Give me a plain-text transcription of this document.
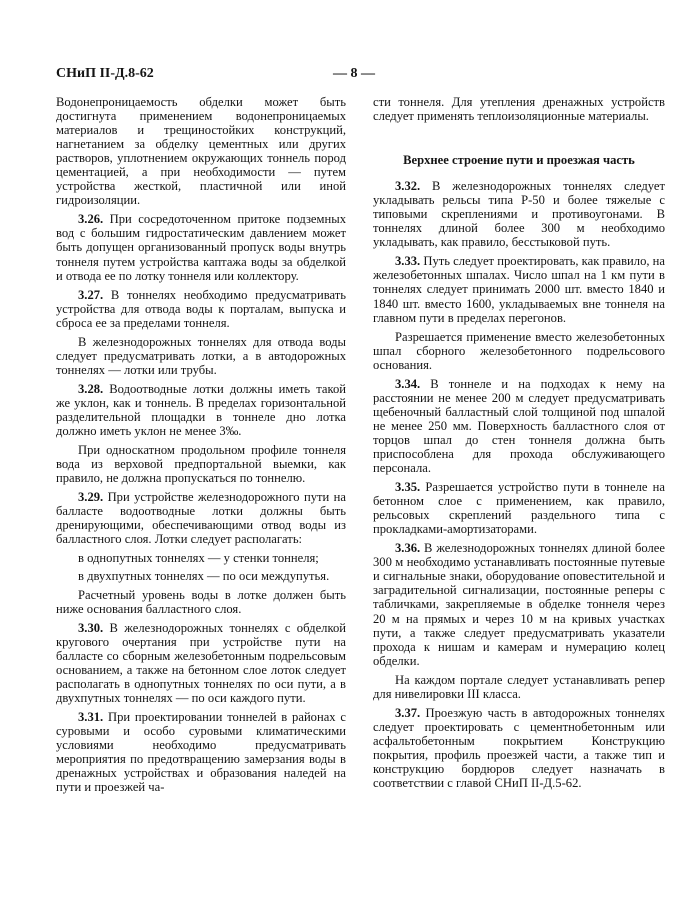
СНиП II-Д.8-62	— 8 —

Водонепроницаемость обделки может быть достигнута применением водонепроницаемых материалов и трещиностойких конструкций, нагнетанием за обделку цементных или других растворов, уплотнением окружающих тоннель пород цементацией, а при необходимости — путем устройства жесткой, пластичной или иной гидроизоляции.

3.26. При сосредоточенном притоке подземных вод с большим гидростатическим давлением может быть допущен организованный пропуск воды внутрь тоннеля путем устройства каптажа воды за обделкой и отвода ее по лотку тоннеля или коллектору.

3.27. В тоннелях необходимо предусматривать устройства для отвода воды к порталам, выпуска и сброса ее за пределами тоннеля.

В железнодорожных тоннелях для отвода воды следует предусматривать лотки, а в автодорожных тоннелях — лотки или трубы.

3.28. Водоотводные лотки должны иметь такой же уклон, как и тоннель. В пределах горизонтальной разделительной площадки в тоннеле дно лотка должно иметь уклон не менее 3‰.

При односкатном продольном профиле тоннеля вода из верховой предпортальной выемки, как правило, не должна пропускаться по тоннелю.

3.29. При устройстве железнодорожного пути на балласте водоотводные лотки должны быть дренирующими, обеспечивающими отвод воды из балластного слоя. Лотки следует располагать:

в однопутных тоннелях — у стенки тоннеля;

в двухпутных тоннелях — по оси междупутья.

Расчетный уровень воды в лотке должен быть ниже основания балластного слоя.

3.30. В железнодорожных тоннелях с обделкой кругового очертания при устройстве пути на балласте со сборным железобетонным подрельсовым основанием, а также на бетонном слое лоток следует располагать в однопутных тоннелях по оси пути, а в двухпутных тоннелях — по оси каждого пути.

3.31. При проектировании тоннелей в районах с суровыми и особо суровыми климатическими условиями необходимо предусматривать мероприятия по предотвращению замерзания воды в дренажных устройствах и образования наледей на пути и проезжей ча-

сти тоннеля. Для утепления дренажных устройств следует применять теплоизоляционные материалы.

Верхнее строение пути и проезжая часть

3.32. В железнодорожных тоннелях следует укладывать рельсы типа Р-50 и более тяжелые с типовыми скреплениями и противоугонами. В тоннелях длиной более 300 м необходимо укладывать, как правило, бесстыковой путь.

3.33. Путь следует проектировать, как правило, на железобетонных шпалах. Число шпал на 1 км пути в тоннелях следует принимать 2000 шт. вместо 1840 и 1840 шт. вместо 1600, укладываемых вне тоннеля на главном пути в пределах перегонов.

Разрешается применение вместо железобетонных шпал сборного железобетонного подрельсового основания.

3.34. В тоннеле и на подходах к нему на расстоянии не менее 200 м следует предусматривать щебеночный балластный слой толщиной под шпалой не менее 250 мм. Поверхность балластного слоя от торцов шпал до стен тоннеля должна быть приспособлена для прохода обслуживающего персонала.

3.35. Разрешается устройство пути в тоннеле на бетонном слое с применением, как правило, рельсовых скреплений раздельного типа с прокладками-амортизаторами.

3.36. В железнодорожных тоннелях длиной более 300 м необходимо устанавливать постоянные путевые и сигнальные знаки, оборудование оповестительной и заградительной сигнализации, постоянные реперы с табличками, закрепляемые в обделке тоннеля через 20 м на прямых и через 10 м на кривых участках пути, а также следует предусматривать указатели прохода к нишам и камерам и нумерацию колец обделки.

На каждом портале следует устанавливать репер для нивелировки III класса.

3.37. Проезжую часть в автодорожных тоннелях следует проектировать с цементнобетонным или асфальтобетонным покрытием Конструкцию покрытия, профиль проезжей части, а также тип и конструкцию бордюров следует назначать в соответствии с главой СНиП II-Д.5-62.
